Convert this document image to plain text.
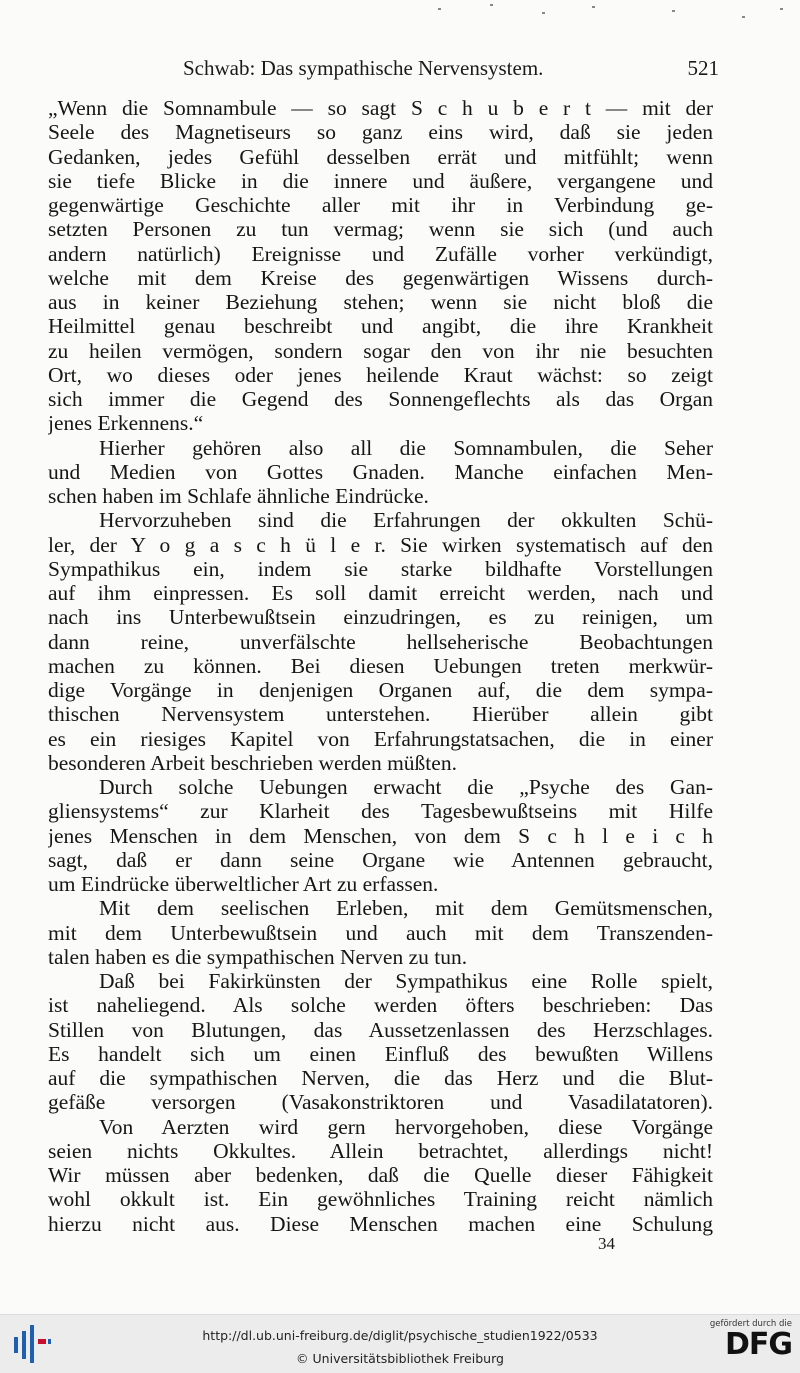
Schwab: Das sympathische Nervensystem.	521
„Wenn die Somnambule — so sagt S c h u b e r t — mit der
Seele des Magnetiseurs so ganz eins wird, daß sie jeden
Gedanken, jedes Gefühl desselben errät und mitfühlt; wenn
sie tiefe Blicke in die innere und äußere, vergangene und
gegenwärtige Geschichte aller mit ihr in Verbindung ge-
setzten Personen zu tun vermag; wenn sie sich (und auch
andern natürlich) Ereignisse und Zufälle vorher verkündigt,
welche mit dem Kreise des gegenwärtigen Wissens durch-
aus in keiner Beziehung stehen; wenn sie nicht bloß die
Heilmittel genau beschreibt und angibt, die ihre Krankheit
zu heilen vermögen, sondern sogar den von ihr nie besuchten
Ort, wo dieses oder jenes heilende Kraut wächst: so zeigt
sich immer die Gegend des Sonnengeflechts als das Organ
jenes Erkennens.“
Hierher gehören also all die Somnambulen, die Seher
und Medien von Gottes Gnaden. Manche einfachen Men-
schen haben im Schlafe ähnliche Eindrücke.
Hervorzuheben sind die Erfahrungen der okkulten Schü-
ler, der Y o g a s c h ü l e r. Sie wirken systematisch auf den
Sympathikus ein, indem sie starke bildhafte Vorstellungen
auf ihm einpressen. Es soll damit erreicht werden, nach und
nach ins Unterbewußtsein einzudringen, es zu reinigen, um
dann reine, unverfälschte hellseherische Beobachtungen
machen zu können. Bei diesen Uebungen treten merkwür-
dige Vorgänge in denjenigen Organen auf, die dem sympa-
thischen Nervensystem unterstehen. Hierüber allein gibt
es ein riesiges Kapitel von Erfahrungstatsachen, die in einer
besonderen Arbeit beschrieben werden müßten.
Durch solche Uebungen erwacht die „Psyche des Gan-
gliensystems“ zur Klarheit des Tagesbewußtseins mit Hilfe
jenes Menschen in dem Menschen, von dem S c h l e i c h
sagt, daß er dann seine Organe wie Antennen gebraucht,
um Eindrücke überweltlicher Art zu erfassen.
Mit dem seelischen Erleben, mit dem Gemütsmenschen,
mit dem Unterbewußtsein und auch mit dem Transzenden-
talen haben es die sympathischen Nerven zu tun.
Daß bei Fakirkünsten der Sympathikus eine Rolle spielt,
ist naheliegend. Als solche werden öfters beschrieben: Das
Stillen von Blutungen, das Aussetzenlassen des Herzschlages.
Es handelt sich um einen Einfluß des bewußten Willens
auf die sympathischen Nerven, die das Herz und die Blut-
gefäße versorgen (Vasakonstriktoren und Vasadilatatoren).
Von Aerzten wird gern hervorgehoben, diese Vorgänge
seien nichts Okkultes. Allein betrachtet, allerdings nicht!
Wir müssen aber bedenken, daß die Quelle dieser Fähigkeit
wohl okkult ist. Ein gewöhnliches Training reicht nämlich
hierzu nicht aus. Diese Menschen machen eine Schulung
34
http://dl.ub.uni-freiburg.de/diglit/psychische_studien1922/0533
© Universitätsbibliothek Freiburg
gefördert durch die
DFG
